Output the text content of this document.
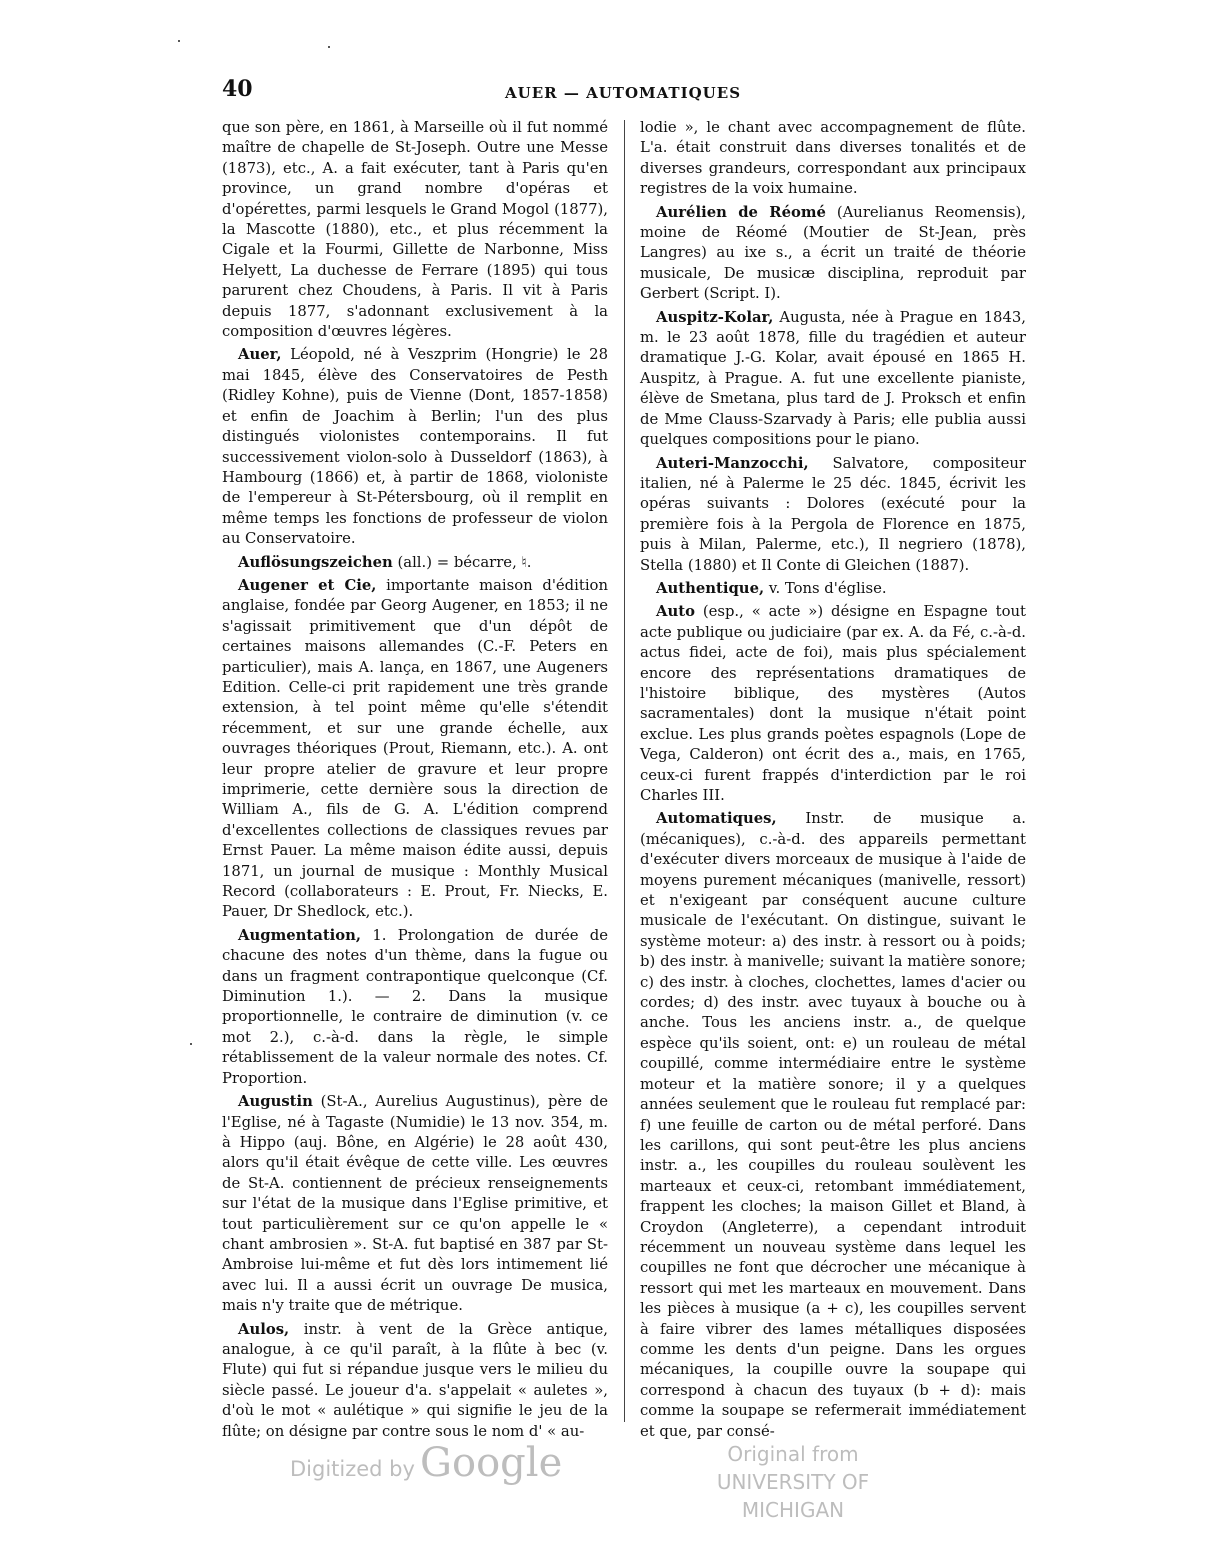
40	AUER — AUTOMATIQUES

que son père, en 1861, à Marseille où il fut nommé maître de chapelle de St-Joseph. Outre une Messe (1873), etc., A. a fait exécuter, tant à Paris qu'en province, un grand nombre d'opéras et d'opérettes, parmi lesquels le Grand Mogol (1877), la Mascotte (1880), etc., et plus récemment la Cigale et la Fourmi, Gillette de Narbonne, Miss Helyett, La duchesse de Ferrare (1895) qui tous parurent chez Choudens, à Paris. Il vit à Paris depuis 1877, s'adonnant exclusivement à la composition d'œuvres légères.

Auer, Léopold, né à Veszprim (Hongrie) le 28 mai 1845, élève des Conservatoires de Pesth (Ridley Kohne), puis de Vienne (Dont, 1857-1858) et enfin de Joachim à Berlin; l'un des plus distingués violonistes contemporains. Il fut successivement violon-solo à Dusseldorf (1863), à Hambourg (1866) et, à partir de 1868, violoniste de l'empereur à St-Pétersbourg, où il remplit en même temps les fonctions de professeur de violon au Conservatoire.

Auflösungszeichen (all.) = bécarre, ♮.

Augener et Cie, importante maison d'édition anglaise, fondée par Georg Augener, en 1853; il ne s'agissait primitivement que d'un dépôt de certaines maisons allemandes (C.-F. Peters en particulier), mais A. lança, en 1867, une Augeners Edition. Celle-ci prit rapidement une très grande extension, à tel point même qu'elle s'étendit récemment, et sur une grande échelle, aux ouvrages théoriques (Prout, Riemann, etc.). A. ont leur propre atelier de gravure et leur propre imprimerie, cette dernière sous la direction de William A., fils de G. A. L'édition comprend d'excellentes collections de classiques revues par Ernst Pauer. La même maison édite aussi, depuis 1871, un journal de musique : Monthly Musical Record (collaborateurs : E. Prout, Fr. Niecks, E. Pauer, Dr Shedlock, etc.).

Augmentation, 1. Prolongation de durée de chacune des notes d'un thème, dans la fugue ou dans un fragment contrapontique quelconque (Cf. Diminution 1.). — 2. Dans la musique proportionnelle, le contraire de diminution (v. ce mot 2.), c.-à-d. dans la règle, le simple rétablissement de la valeur normale des notes. Cf. Proportion.

Augustin (St-A., Aurelius Augustinus), père de l'Eglise, né à Tagaste (Numidie) le 13 nov. 354, m. à Hippo (auj. Bône, en Algérie) le 28 août 430, alors qu'il était évêque de cette ville. Les œuvres de St-A. contiennent de précieux renseignements sur l'état de la musique dans l'Eglise primitive, et tout particulièrement sur ce qu'on appelle le « chant ambrosien ». St-A. fut baptisé en 387 par St-Ambroise lui-même et fut dès lors intimement lié avec lui. Il a aussi écrit un ouvrage De musica, mais n'y traite que de métrique.

Aulos, instr. à vent de la Grèce antique, analogue, à ce qu'il paraît, à la flûte à bec (v. Flute) qui fut si répandue jusque vers le milieu du siècle passé. Le joueur d'a. s'appelait « auletes », d'où le mot « aulétique » qui signifie le jeu de la flûte; on désigne par contre sous le nom d' « au-

lodie », le chant avec accompagnement de flûte. L'a. était construit dans diverses tonalités et de diverses grandeurs, correspondant aux principaux registres de la voix humaine.

Aurélien de Réomé (Aurelianus Reomensis), moine de Réomé (Moutier de St-Jean, près Langres) au ixe s., a écrit un traité de théorie musicale, De musicæ disciplina, reproduit par Gerbert (Script. I).

Auspitz-Kolar, Augusta, née à Prague en 1843, m. le 23 août 1878, fille du tragédien et auteur dramatique J.-G. Kolar, avait épousé en 1865 H. Auspitz, à Prague. A. fut une excellente pianiste, élève de Smetana, plus tard de J. Proksch et enfin de Mme Clauss-Szarvady à Paris; elle publia aussi quelques compositions pour le piano.

Auteri-Manzocchi, Salvatore, compositeur italien, né à Palerme le 25 déc. 1845, écrivit les opéras suivants : Dolores (exécuté pour la première fois à la Pergola de Florence en 1875, puis à Milan, Palerme, etc.), Il negriero (1878), Stella (1880) et Il Conte di Gleichen (1887).

Authentique, v. Tons d'église.

Auto (esp., « acte ») désigne en Espagne tout acte publique ou judiciaire (par ex. A. da Fé, c.-à-d. actus fidei, acte de foi), mais plus spécialement encore des représentations dramatiques de l'histoire biblique, des mystères (Autos sacramentales) dont la musique n'était point exclue. Les plus grands poètes espagnols (Lope de Vega, Calderon) ont écrit des a., mais, en 1765, ceux-ci furent frappés d'interdiction par le roi Charles III.

Automatiques, Instr. de musique a. (mécaniques), c.-à-d. des appareils permettant d'exécuter divers morceaux de musique à l'aide de moyens purement mécaniques (manivelle, ressort) et n'exigeant par conséquent aucune culture musicale de l'exécutant. On distingue, suivant le système moteur: a) des instr. à ressort ou à poids; b) des instr. à manivelle; suivant la matière sonore; c) des instr. à cloches, clochettes, lames d'acier ou cordes; d) des instr. avec tuyaux à bouche ou à anche. Tous les anciens instr. a., de quelque espèce qu'ils soient, ont: e) un rouleau de métal coupillé, comme intermédiaire entre le système moteur et la matière sonore; il y a quelques années seulement que le rouleau fut remplacé par: f) une feuille de carton ou de métal perforé. Dans les carillons, qui sont peut-être les plus anciens instr. a., les coupilles du rouleau soulèvent les marteaux et ceux-ci, retombant immédiatement, frappent les cloches; la maison Gillet et Bland, à Croydon (Angleterre), a cependant introduit récemment un nouveau système dans lequel les coupilles ne font que décrocher une mécanique à ressort qui met les marteaux en mouvement. Dans les pièces à musique (a + c), les coupilles servent à faire vibrer des lames métalliques disposées comme les dents d'un peigne. Dans les orgues mécaniques, la coupille ouvre la soupape qui correspond à chacun des tuyaux (b + d): mais comme la soupape se refermerait immédiatement et que, par consé-

Digitized by Google	Original from
UNIVERSITY OF MICHIGAN
